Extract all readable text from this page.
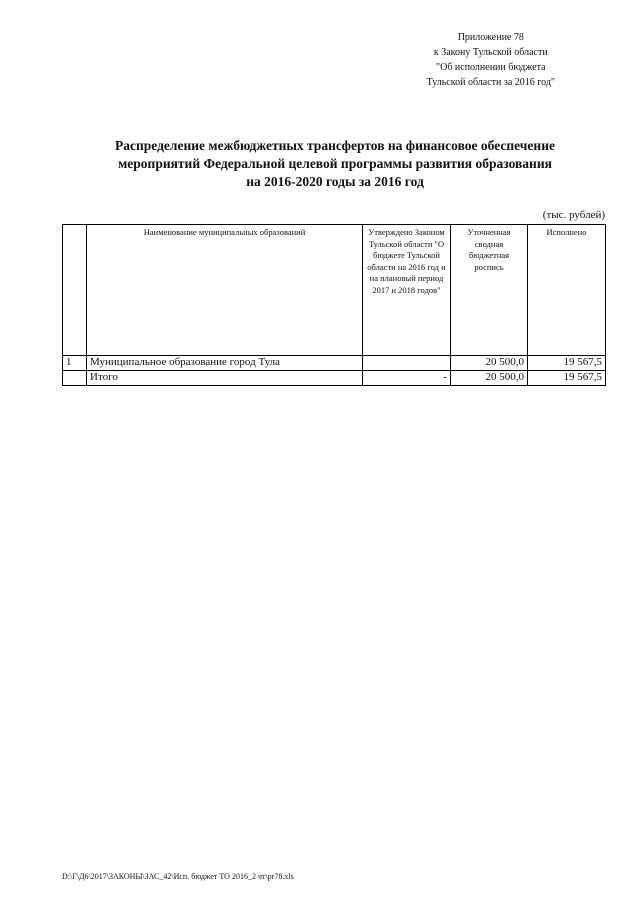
Приложение 78
к Закону Тульской области
"Об исполнении бюджета
Тульской области за 2016 год"
Распределение межбюджетных трансфертов на финансовое обеспечение
мероприятий Федеральной целевой программы развития образования
на 2016-2020 годы за 2016 год
(тыс. рублей)
	Наименование муниципальных образований	Утверждено Законом Тульской области "О бюджете Тульской области на 2016 год и на плановый период 2017 и 2018 годов"	Уточненная сводная бюджетная роспись	Исполнено
1	Муниципальное образование город Тула		20 500,0	19 567,5
	Итого	-	20 500,0	19 567,5
D:\Г\Д6\2017\ЗАКОНЫ\ЗАС_42\Исп. бюджет ТО 2016_2 чт\pr78.xls
